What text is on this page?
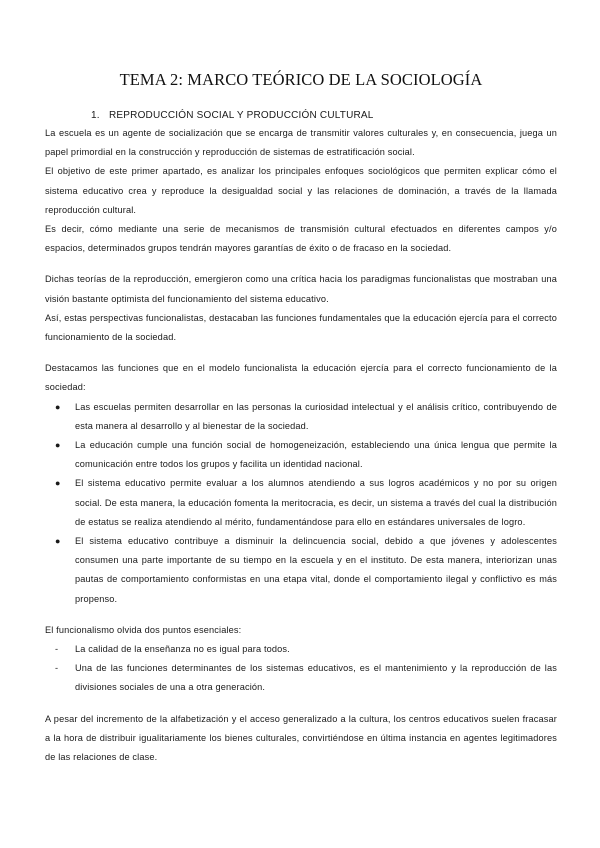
TEMA 2: MARCO TEÓRICO DE LA SOCIOLOGÍA
1. REPRODUCCIÓN SOCIAL Y PRODUCCIÓN CULTURAL

La escuela es un agente de socialización que se encarga de transmitir valores culturales y, en consecuencia, juega un papel primordial en la construcción y reproducción de sistemas de estratificación social.

El objetivo de este primer apartado, es analizar los principales enfoques sociológicos que permiten explicar cómo el sistema educativo crea y reproduce la desigualdad social y las relaciones de dominación, a través de la llamada reproducción cultural.

Es decir, cómo mediante una serie de mecanismos de transmisión cultural efectuados en diferentes campos y/o espacios, determinados grupos tendrán mayores garantías de éxito o de fracaso en la sociedad.

Dichas teorías de la reproducción, emergieron como una crítica hacia los paradigmas funcionalistas que mostraban una visión bastante optimista del funcionamiento del sistema educativo.

Así, estas perspectivas funcionalistas, destacaban las funciones fundamentales que la educación ejercía para el correcto funcionamiento de la sociedad.

Destacamos las funciones que en el modelo funcionalista la educación ejercía para el correcto funcionamiento de la sociedad:

● Las escuelas permiten desarrollar en las personas la curiosidad intelectual y el análisis crítico, contribuyendo de esta manera al desarrollo y al bienestar de la sociedad.
● La educación cumple una función social de homogeneización, estableciendo una única lengua que permite la comunicación entre todos los grupos y facilita un identidad nacional.
● El sistema educativo permite evaluar a los alumnos atendiendo a sus logros académicos y no por su origen social. De esta manera, la educación fomenta la meritocracia, es decir, un sistema a través del cual la distribución de estatus se realiza atendiendo al mérito, fundamentándose para ello en estándares universales de logro.
● El sistema educativo contribuye a disminuir la delincuencia social, debido a que jóvenes y adolescentes consumen una parte importante de su tiempo en la escuela y en el instituto. De esta manera, interiorizan unas pautas de comportamiento conformistas en una etapa vital, donde el comportamiento ilegal y conflictivo es más propenso.

El funcionalismo olvida dos puntos esenciales:

- La calidad de la enseñanza no es igual para todos.
- Una de las funciones determinantes de los sistemas educativos, es el mantenimiento y la reproducción de las divisiones sociales de una a otra generación.

A pesar del incremento de la alfabetización y el acceso generalizado a la cultura, los centros educativos suelen fracasar a la hora de distribuir igualitariamente los bienes culturales, convirtiéndose en última instancia en agentes legitimadores de las relaciones de clase.
